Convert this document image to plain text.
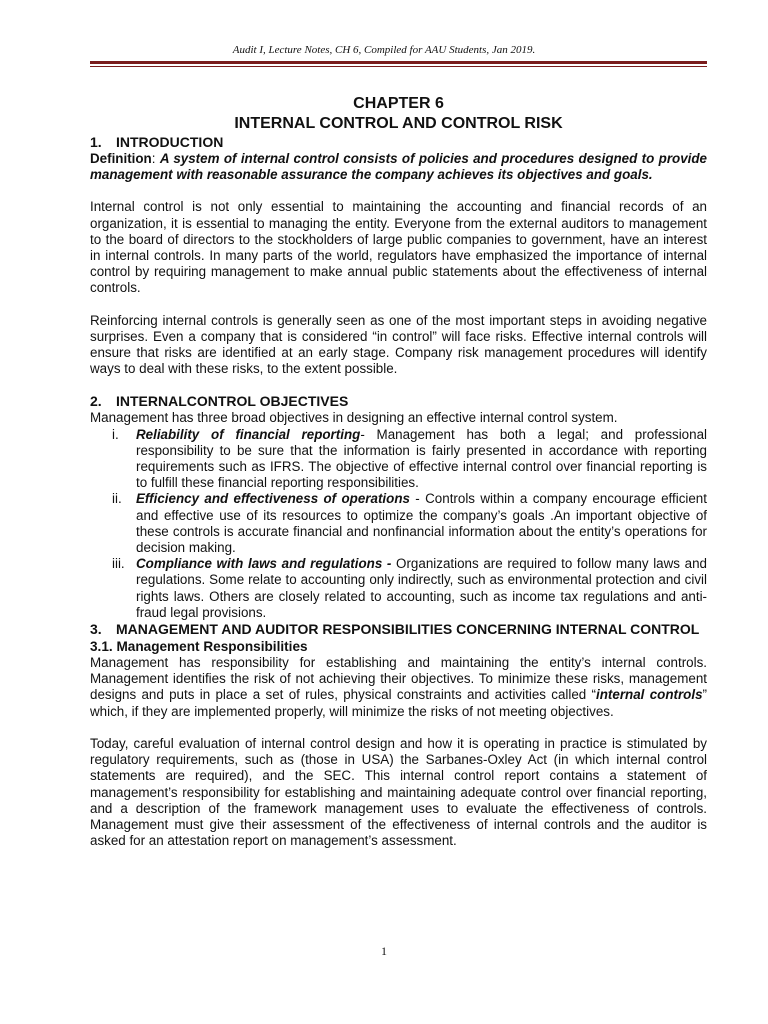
Audit I, Lecture Notes, CH 6, Compiled for AAU Students, Jan 2019.
CHAPTER 6
INTERNAL CONTROL AND CONTROL RISK
1. INTRODUCTION

Definition: A system of internal control consists of policies and procedures designed to provide management with reasonable assurance the company achieves its objectives and goals.

Internal control is not only essential to maintaining the accounting and financial records of an organization, it is essential to managing the entity. Everyone from the external auditors to management to the board of directors to the stockholders of large public companies to government, have an interest in internal controls. In many parts of the world, regulators have emphasized the importance of internal control by requiring management to make annual public statements about the effectiveness of internal controls.

Reinforcing internal controls is generally seen as one of the most important steps in avoiding negative surprises. Even a company that is considered “in control” will face risks. Effective internal controls will ensure that risks are identified at an early stage. Company risk management procedures will identify ways to deal with these risks, to the extent possible.

2. INTERNALCONTROL OBJECTIVES

Management has three broad objectives in designing an effective internal control system.

i. Reliability of financial reporting- Management has both a legal; and professional responsibility to be sure that the information is fairly presented in accordance with reporting requirements such as IFRS. The objective of effective internal control over financial reporting is to fulfill these financial reporting responsibilities.
ii. Efficiency and effectiveness of operations - Controls within a company encourage efficient and effective use of its resources to optimize the company’s goals .An important objective of these controls is accurate financial and nonfinancial information about the entity’s operations for decision making.
iii. Compliance with laws and regulations - Organizations are required to follow many laws and regulations. Some relate to accounting only indirectly, such as environmental protection and civil rights laws. Others are closely related to accounting, such as income tax regulations and anti-fraud legal provisions.
3.	MANAGEMENT AND AUDITOR RESPONSIBILITIES CONCERNING INTERNAL CONTROL
3.1. Management Responsibilities

Management has responsibility for establishing and maintaining the entity’s internal controls. Management identifies the risk of not achieving their objectives. To minimize these risks, management designs and puts in place a set of rules, physical constraints and activities called “internal controls” which, if they are implemented properly, will minimize the risks of not meeting objectives.

Today, careful evaluation of internal control design and how it is operating in practice is stimulated by regulatory requirements, such as (those in USA) the Sarbanes-Oxley Act (in which internal control statements are required), and the SEC. This internal control report contains a statement of management’s responsibility for establishing and maintaining adequate control over financial reporting, and a description of the framework management uses to evaluate the effectiveness of controls. Management must give their assessment of the effectiveness of internal controls and the auditor is asked for an attestation report on management’s assessment.

1
